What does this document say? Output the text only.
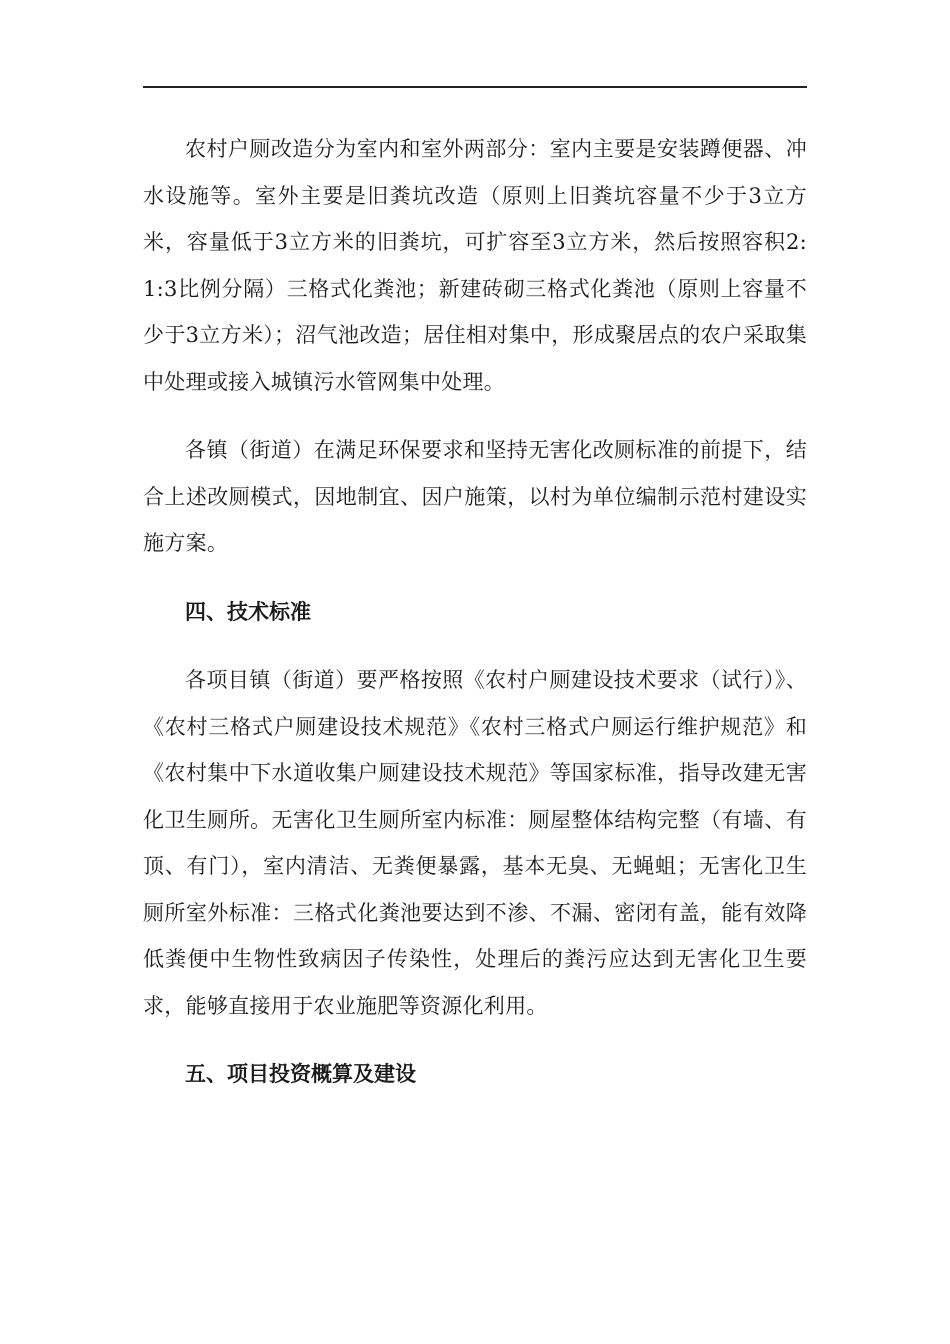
农村户厕改造分为室内和室外两部分：室内主要是安装蹲便器、冲水设施等。室外主要是旧粪坑改造（原则上旧粪坑容量不少于3立方米，容量低于3立方米的旧粪坑，可扩容至3立方米，然后按照容积2:1:3比例分隔）三格式化粪池；新建砖砌三格式化粪池（原则上容量不少于3立方米）；沼气池改造；居住相对集中，形成聚居点的农户采取集中处理或接入城镇污水管网集中处理。

各镇（街道）在满足环保要求和坚持无害化改厕标准的前提下，结合上述改厕模式，因地制宜、因户施策，以村为单位编制示范村建设实施方案。

四、技术标准

各项目镇（街道）要严格按照《农村户厕建设技术要求（试行）》、《农村三格式户厕建设技术规范》《农村三格式户厕运行维护规范》和《农村集中下水道收集户厕建设技术规范》等国家标准，指导改建无害化卫生厕所。无害化卫生厕所室内标准：厕屋整体结构完整（有墙、有顶、有门），室内清洁、无粪便暴露，基本无臭、无蝇蛆；无害化卫生厕所室外标准：三格式化粪池要达到不渗、不漏、密闭有盖，能有效降低粪便中生物性致病因子传染性，处理后的粪污应达到无害化卫生要求，能够直接用于农业施肥等资源化利用。

五、项目投资概算及建设
